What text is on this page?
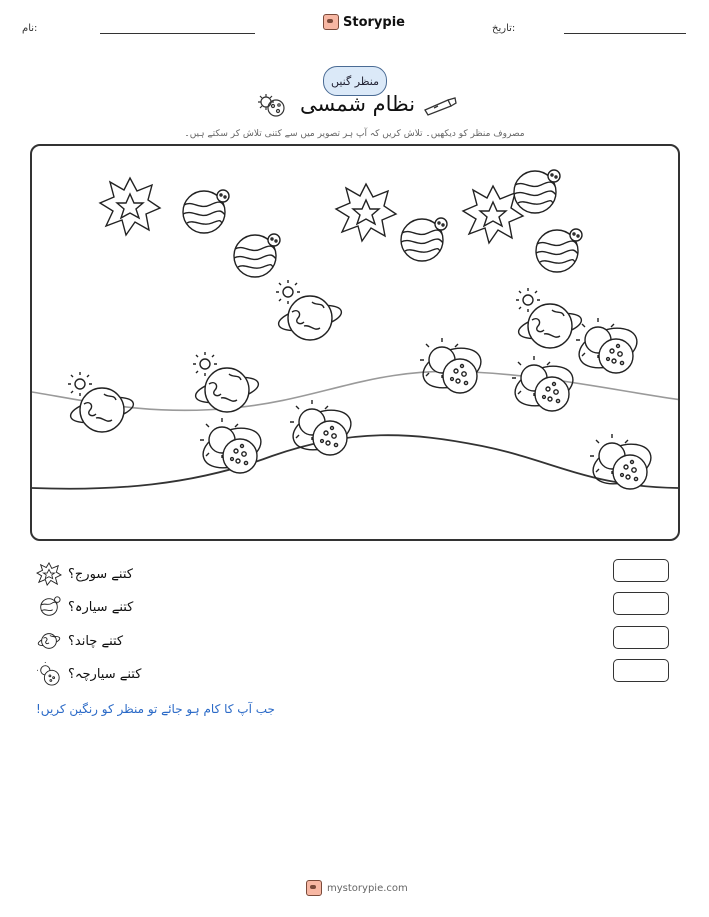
نام:	Storypie	تاریخ:
منظر گنیں
نظام شمسی
مصروف منظر کو دیکھیں۔ تلاش کریں کہ آپ ہر تصویر میں سے کتنی تلاش کر سکتے ہیں۔
کتنے سورج؟
کتنے سیارہ؟
کتنے چاند؟
کتنے سیارچہ؟
جب آپ کا کام ہو جائے تو منظر کو رنگین کریں!
mystorypie.com
